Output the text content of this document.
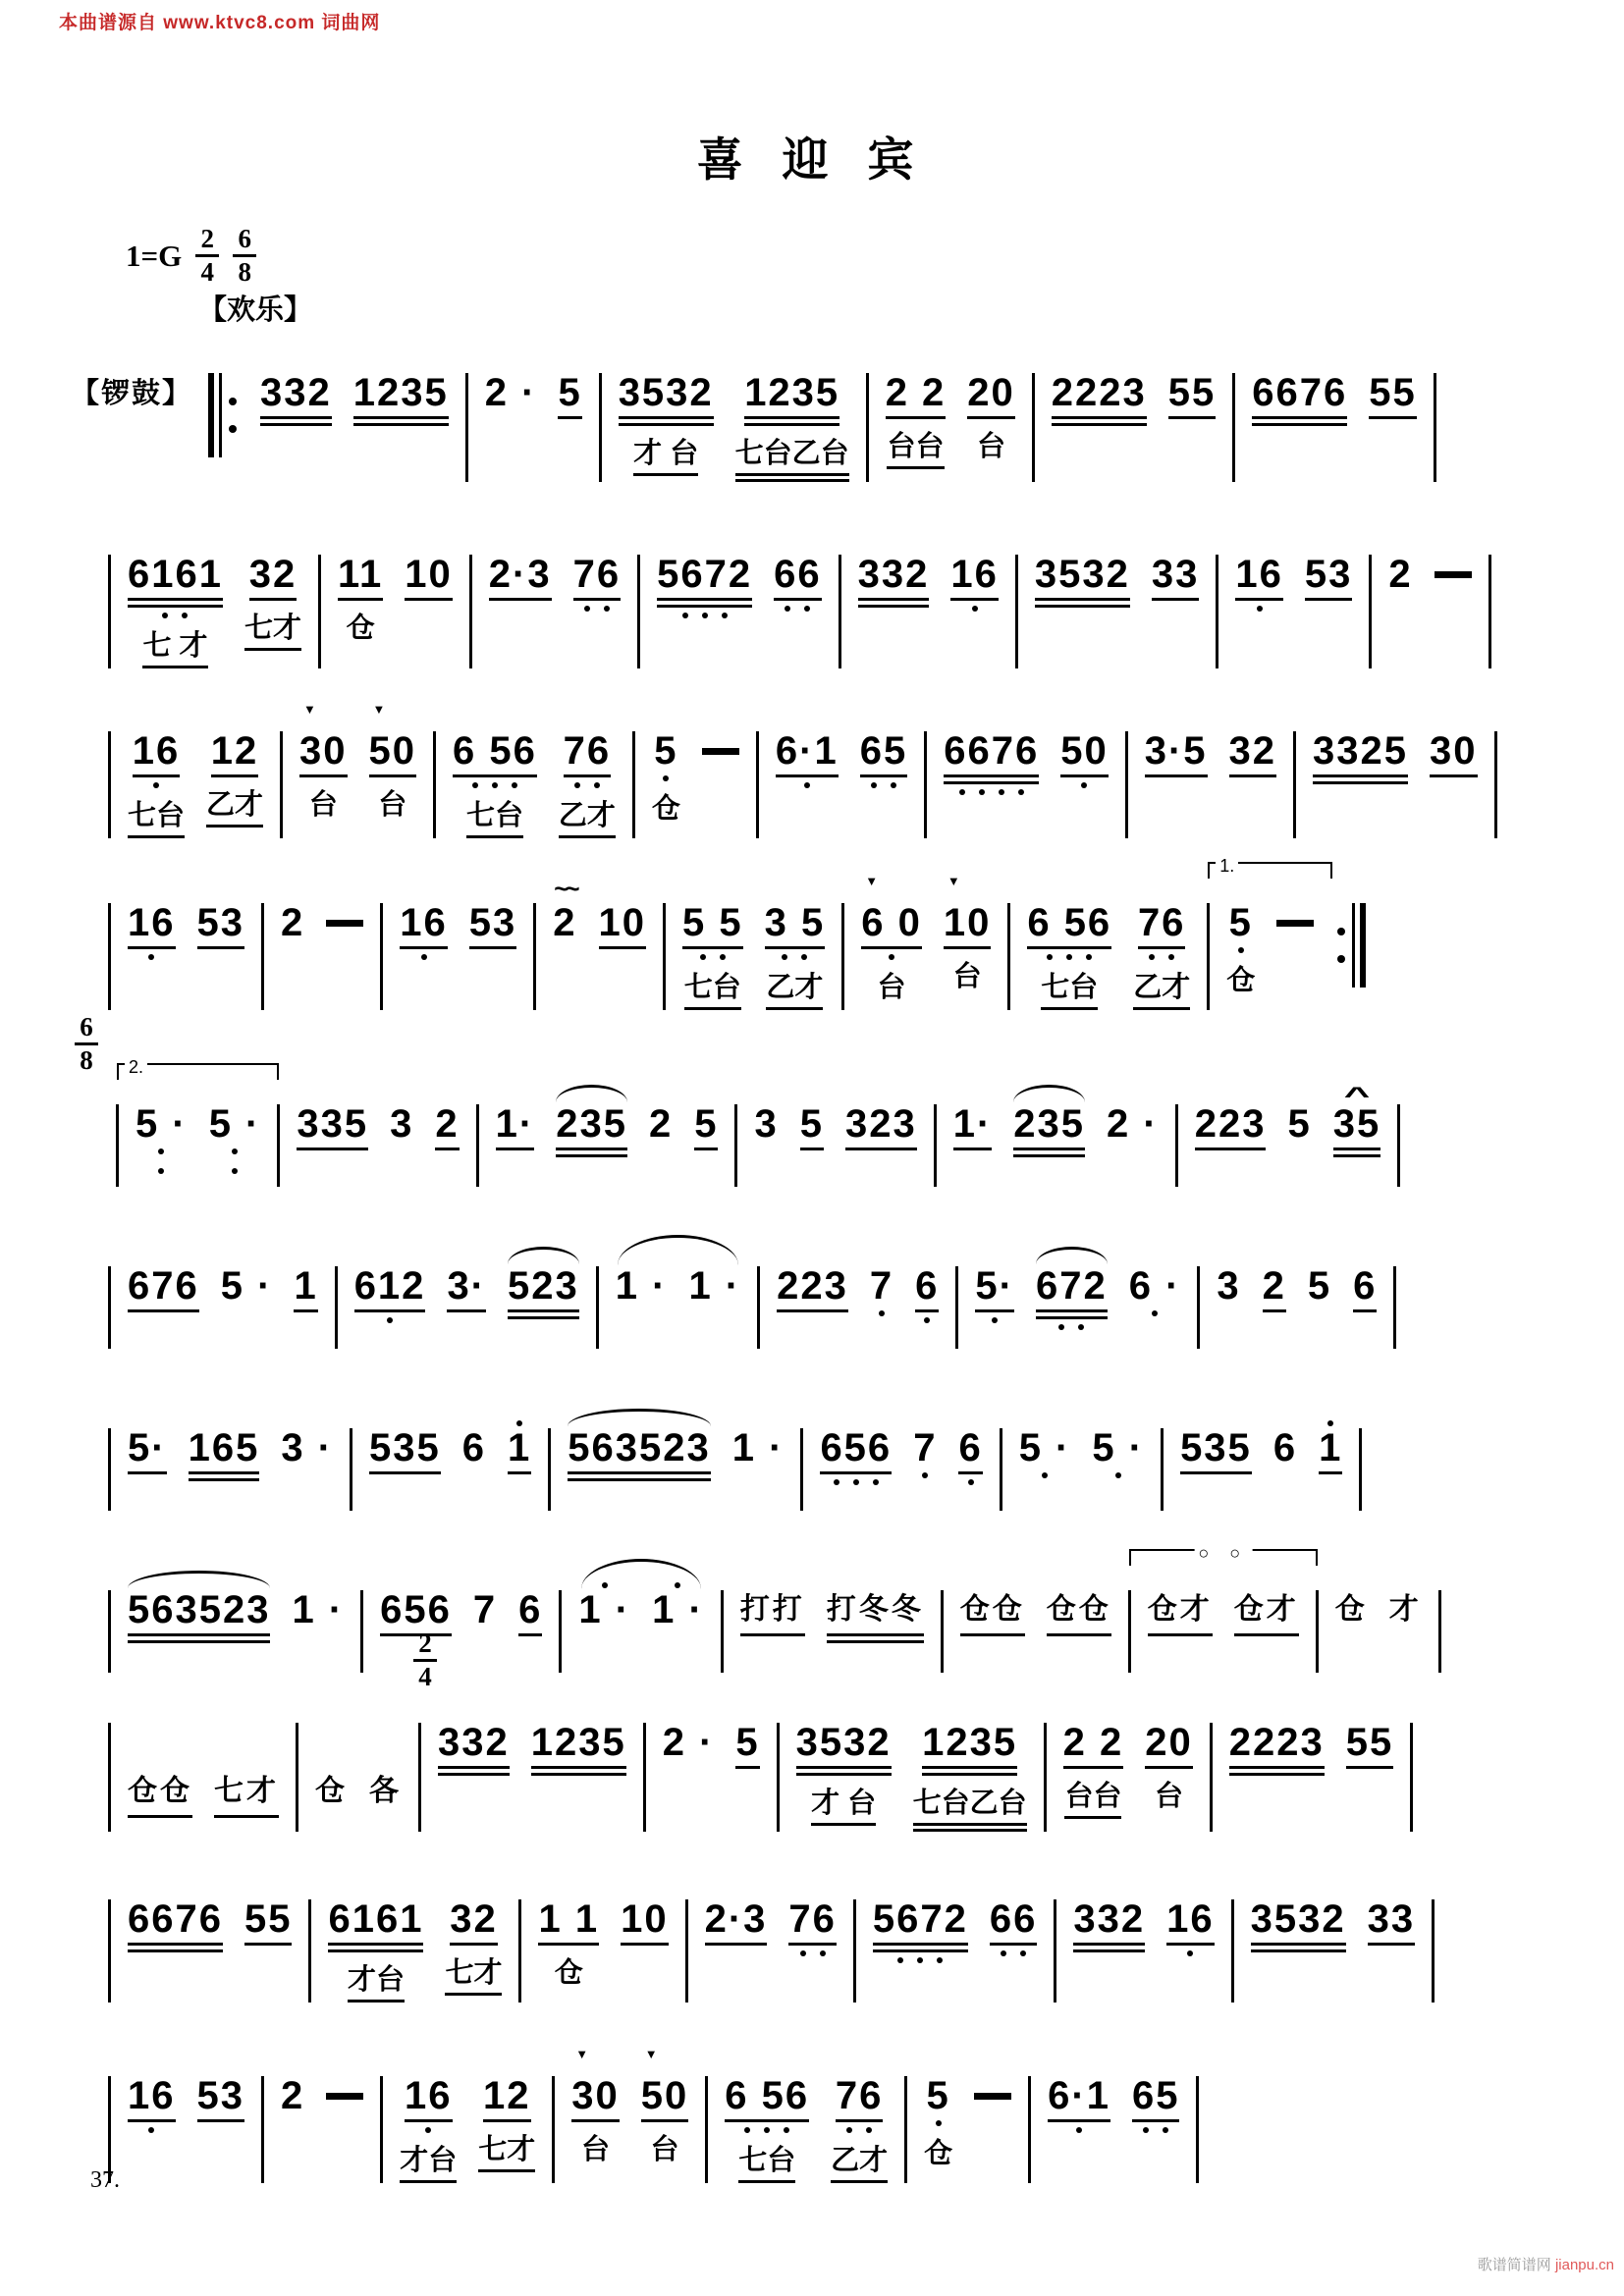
本曲谱源自 www.ktvc8.com 词曲网
喜 迎 宾
1=G 2
4
6
8
【欢乐】
【锣鼓】 332 1235 2 · 5 3532
才 台
1235
七台乙台
2 2
台台
20
台
2223 55 6676 55
6161
七 才
32
七才
11
仓
10 2·3 76 5672 66 332 16 3532 33 16 53 2
16
七台
12
乙才
▼
30
台
▼
50
台
6 56
七台
76
乙才
5
仓
6·1 65 6676 50 3·5 32 3325 30
16 53 2 16 53
~~
2 10 5 5
七台
3 5
乙才
▼
6 0
台
▼
10
台
6 56
七台
76
乙才
1.
5
仓
6
8 2.
5 · 5 · 335 3 2 1· 235 2 5 3 5 323 1· 235 2 · 223 5
^
35
676 5 · 1 612 3· 523 1 · 1 · 223 7 6 5· 672 6 · 3 2 5 6
5· 165 3 · 535 6 1 563523 1 · 656 7 6 5 · 5 · 535 6 1
563523 1 · 656 7 6 1 · 1 · 打打 打冬冬 仓仓 仓仓
○ ○
仓才 仓才 仓 才
仓仓 七才 仓 各
2
4
332 1235 2 · 5 3532
才 台
1235
七台乙台
2 2
台台
20
台
2223 55
6676 55 6161
才台
32
七才
1 1
仓
10 2·3 76 5672 66 332 16 3532 33
16 53 2	16
才台
12
七才
▼
30
台
▼
50
台
6 56
七台
76
乙才
5
仓
6·1 65
37.
歌谱简谱网 jianpu.cn
